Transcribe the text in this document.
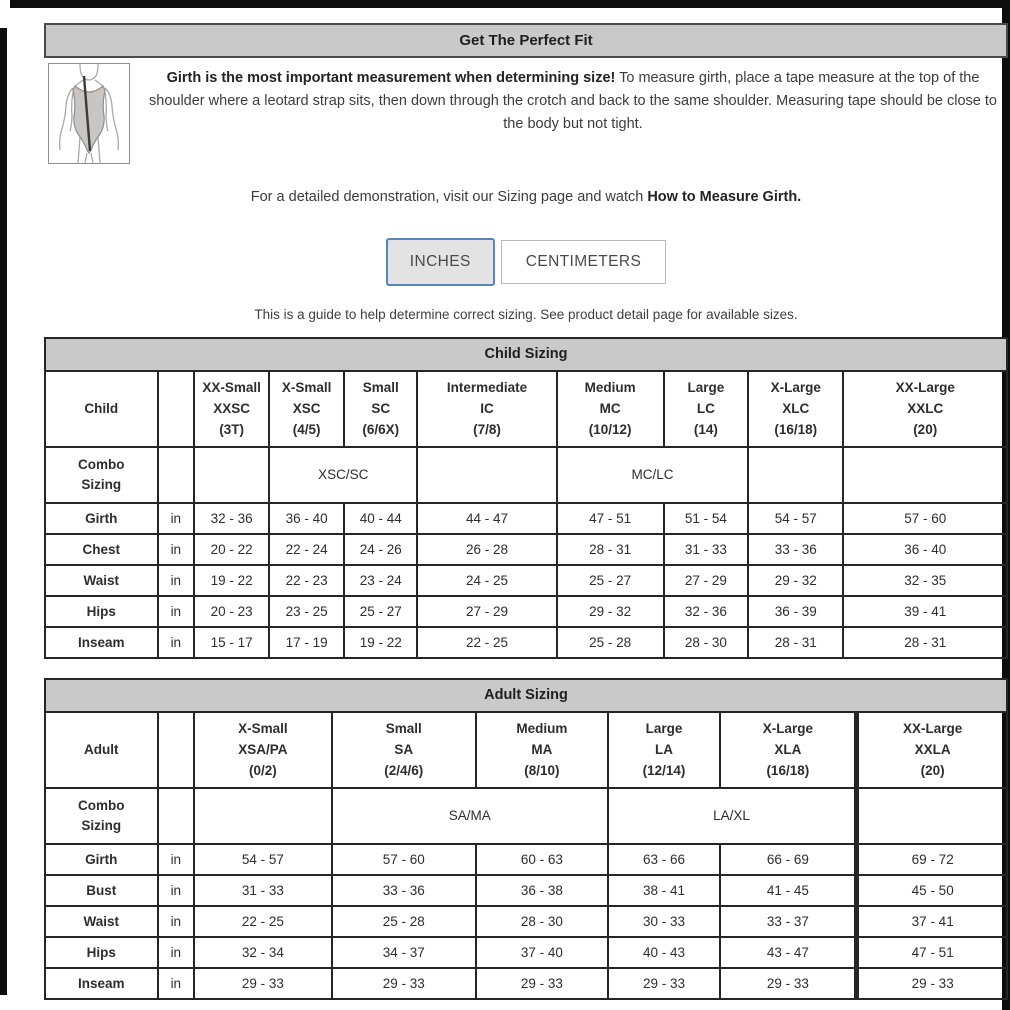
Get The Perfect Fit

Girth is the most important measurement when determining size! To measure girth, place a tape measure at the top of the shoulder where a leotard strap sits, then down through the crotch and back to the same shoulder. Measuring tape should be close to the body but not tight.

For a detailed demonstration, visit our Sizing page and watch How to Measure Girth.

INCHES	CENTIMETERS

This is a guide to help determine correct sizing. See product detail page for available sizes.

Child Sizing									
Child		
XX-Small
XXSC
(3T)

X-Small
XSC
(4/5)

Small
SC
(6/6X)

Intermediate
IC
(7/8)

Medium
MC
(10/12)

Large
LC
(14)

X-Large
XLC
(16/18)

XX-Large
XXLC
(20)

Combo Sizing			XSC/SC			MC/LC			
Girth	in	32 - 36	36 - 40	40 - 44	44 - 47	47 - 51	51 - 54	54 - 57	57 - 60
Chest	in	20 - 22	22 - 24	24 - 26	26 - 28	28 - 31	31 - 33	33 - 36	36 - 40
Waist	in	19 - 22	22 - 23	23 - 24	24 - 25	25 - 27	27 - 29	29 - 32	32 - 35
Hips	in	20 - 23	23 - 25	25 - 27	27 - 29	29 - 32	32 - 36	36 - 39	39 - 41
Inseam	in	15 - 17	17 - 19	19 - 22	22 - 25	25 - 28	28 - 30	28 - 31	28 - 31
Adult Sizing							
Adult		
X-Small
XSA/PA
(0/2)

Small
SA
(2/4/6)

Medium
MA
(8/10)

Large
LA
(12/14)

X-Large
XLA
(16/18)

XX-Large
XXLA
(20)

Combo Sizing			SA/MA		LA/XL		
Girth	in	54 - 57	57 - 60	60 - 63	63 - 66	66 - 69	69 - 72
Bust	in	31 - 33	33 - 36	36 - 38	38 - 41	41 - 45	45 - 50
Waist	in	22 - 25	25 - 28	28 - 30	30 - 33	33 - 37	37 - 41
Hips	in	32 - 34	34 - 37	37 - 40	40 - 43	43 - 47	47 - 51
Inseam	in	29 - 33	29 - 33	29 - 33	29 - 33	29 - 33	29 - 33
